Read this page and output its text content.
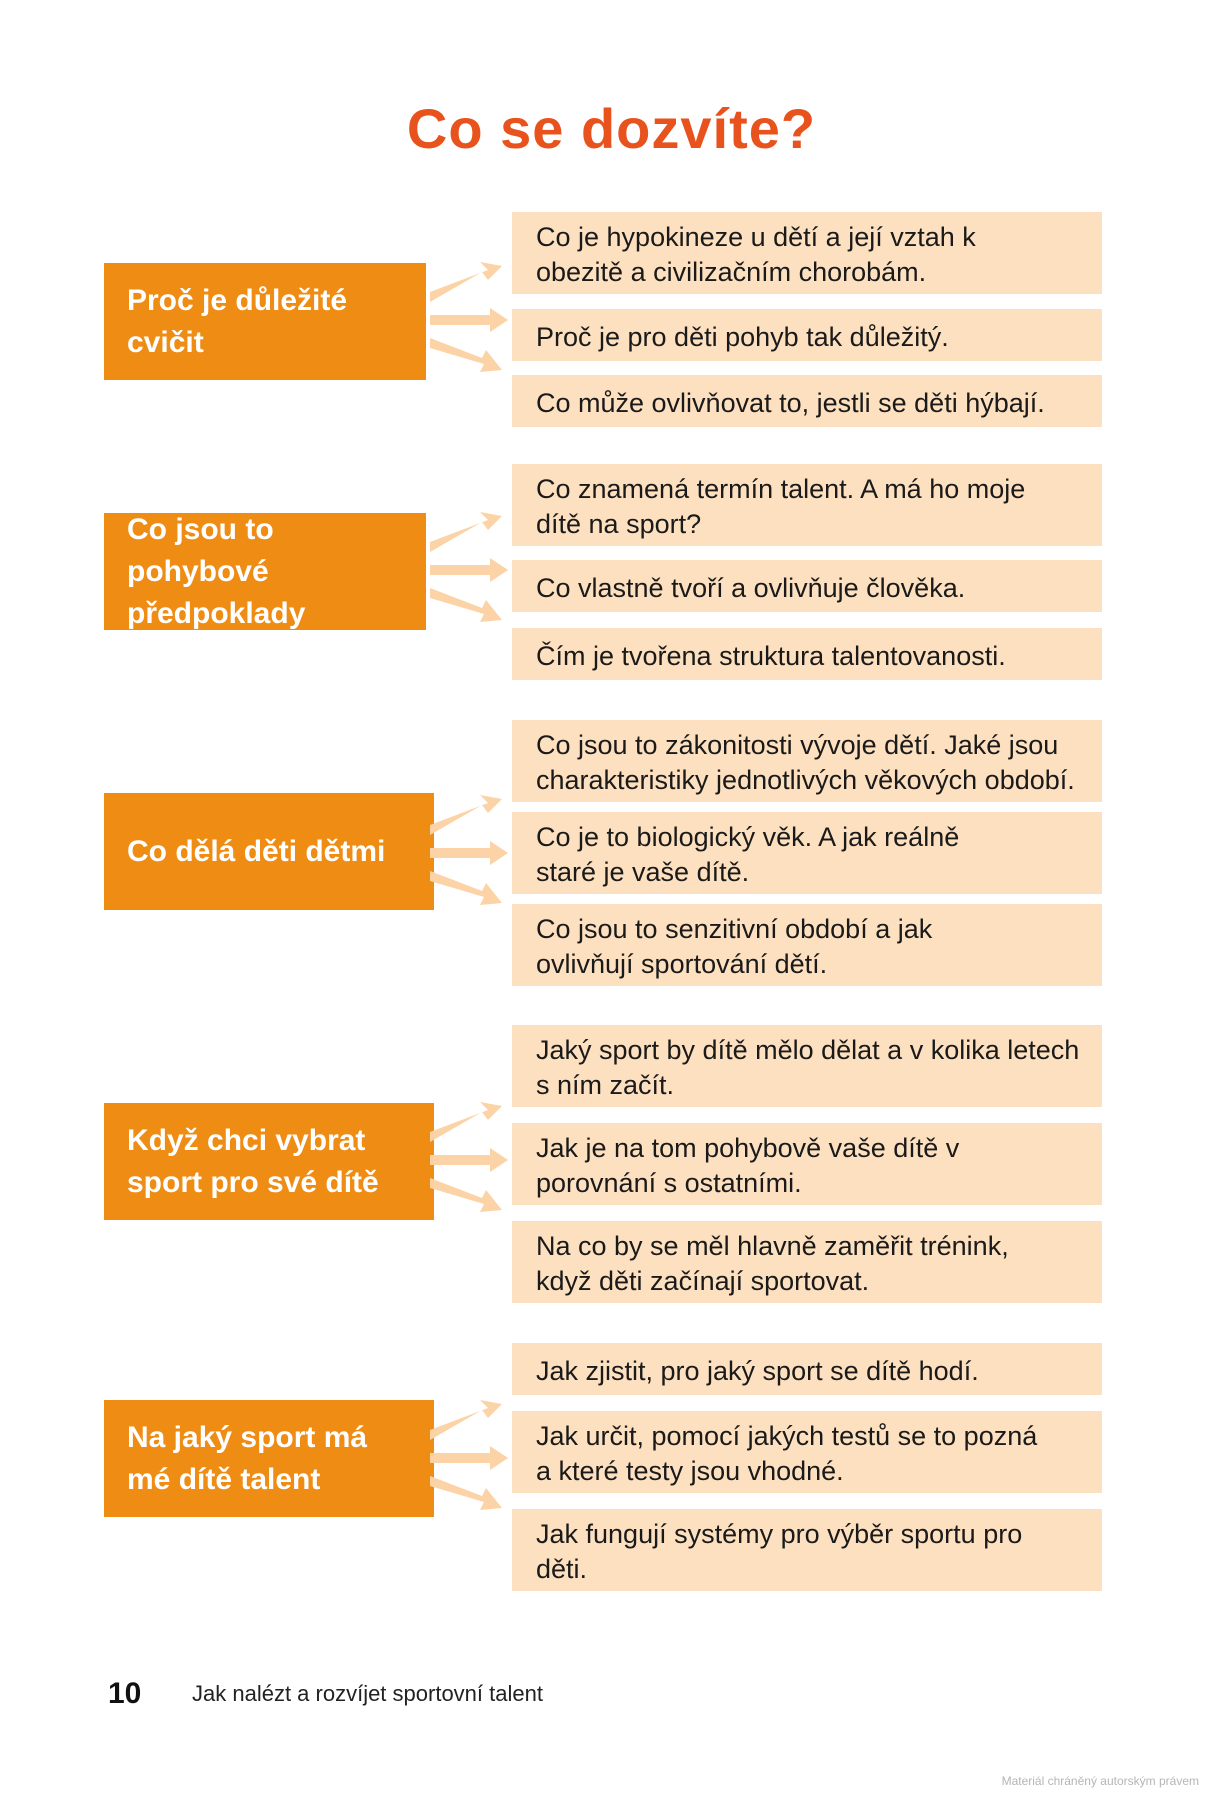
Co se dozvíte?
Proč je důležité cvičit
Co je hypokineze u dětí a její vztah k obezitě a civilizačním chorobám.
Proč je pro děti pohyb tak důležitý.
Co může ovlivňovat to, jestli se děti hýbají.
Co jsou to pohybové předpoklady
Co znamená termín talent. A má ho moje dítě na sport?
Co vlastně tvoří a ovlivňuje člověka.
Čím je tvořena struktura talentovanosti.
Co dělá děti dětmi
Co jsou to zákonitosti vývoje dětí. Jaké jsou charakteristiky jednotlivých věkových období.
Co je to biologický věk. A jak reálně staré je vaše dítě.
Co jsou to senzitivní období a jak ovlivňují sportování dětí.
Když chci vybrat sport pro své dítě
Jaký sport by dítě mělo dělat a v kolika letech s ním začít.
Jak je na tom pohybově vaše dítě v porovnání s ostatními.
Na co by se měl hlavně zaměřit trénink, když děti začínají sportovat.
Na jaký sport má mé dítě talent
Jak zjistit, pro jaký sport se dítě hodí.
Jak určit, pomocí jakých testů se to pozná a které testy jsou vhodné.
Jak fungují systémy pro výběr sportu pro děti.
10 Jak nalézt a rozvíjet sportovní talent
Materiál chráněný autorským právem
